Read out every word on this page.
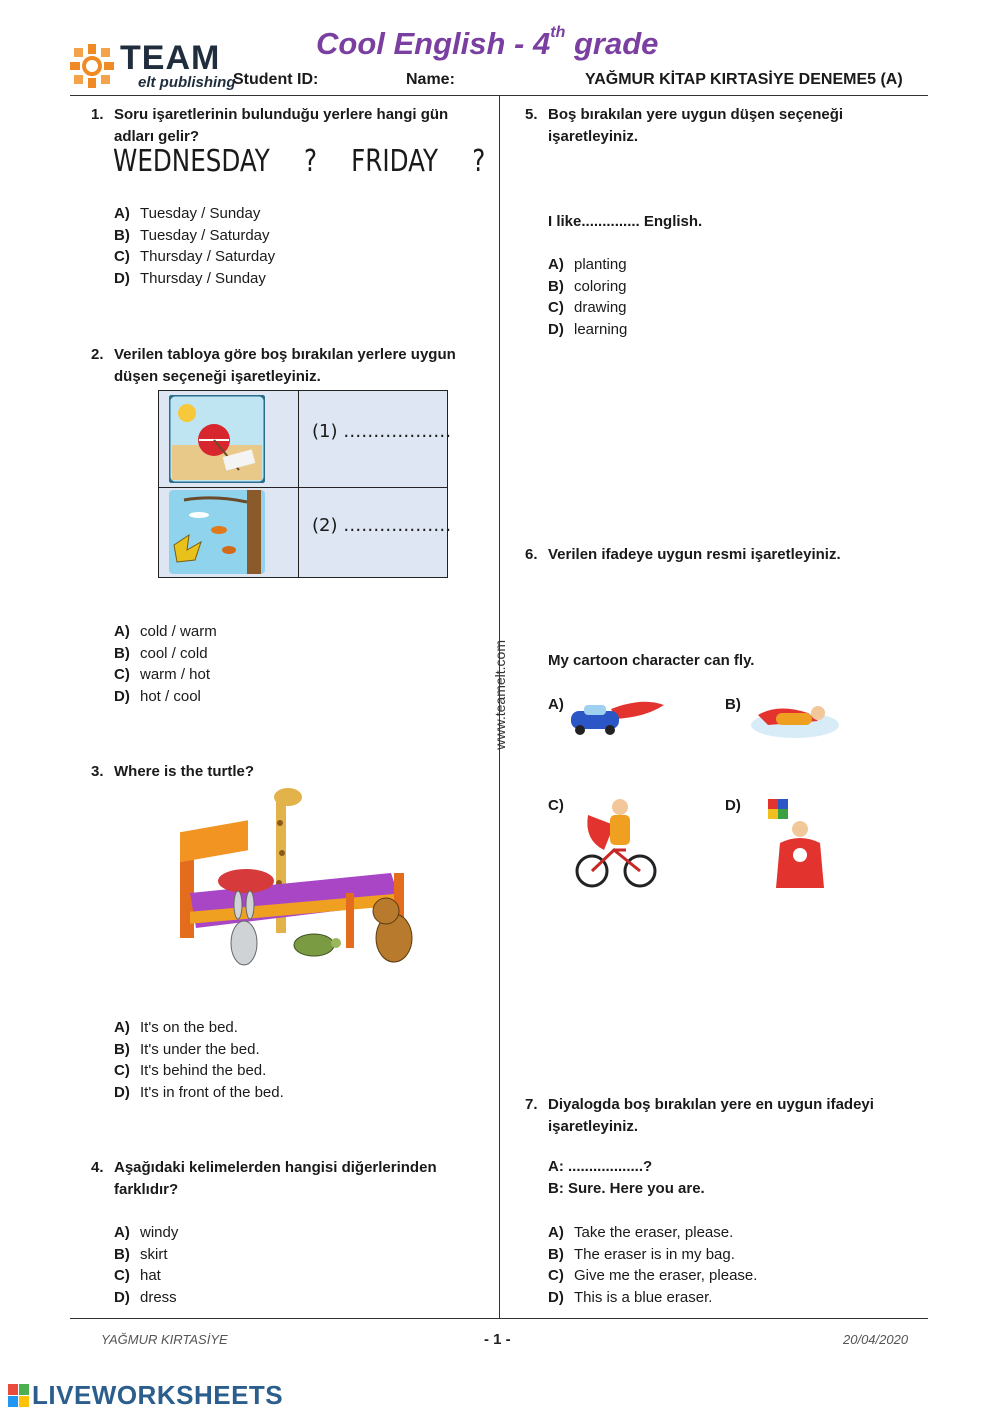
TEAM
elt publishing
Cool English - 4th grade
Student ID:	Name:	YAĞMUR KİTAP KIRTASİYE DENEME5 (A)
www.teamelt.com
1. Soru işaretlerinin bulunduğu yerlere hangi gün adları gelir?
WEDNESDAY ? FRIDAY ?
A) Tuesday / Sunday
B) Tuesday / Saturday
C) Thursday / Saturday
D) Thursday / Sunday
2. Verilen tabloya göre boş bırakılan yerlere uygun düşen seçeneği işaretleyiniz.
(1) ………………
(2) ………………
A) cold / warm
B) cool / cold
C) warm / hot
D) hot / cool
3. Where is the turtle?
A) It's on the bed.
B) It's under the bed.
C) It's behind the bed.
D) It's in front of the bed.
4. Aşağıdaki kelimelerden hangisi diğerlerinden farklıdır?
A) windy
B) skirt
C) hat
D) dress
5. Boş bırakılan yere uygun düşen seçeneği işaretleyiniz.
I like.............. English.
A) planting
B) coloring
C) drawing
D) learning
6. Verilen ifadeye uygun resmi işaretleyiniz.
My cartoon character can fly.
A)	B)
C)	D)
7. Diyalogda boş bırakılan yere en uygun ifadeyi işaretleyiniz.
A: ..................?
B: Sure. Here you are.
A) Take the eraser, please.
B) The eraser is in my bag.
C) Give me the eraser, please.
D) This is a blue eraser.
YAĞMUR KIRTASİYE	- 1 -	20/04/2020
LIVEWORKSHEETS
